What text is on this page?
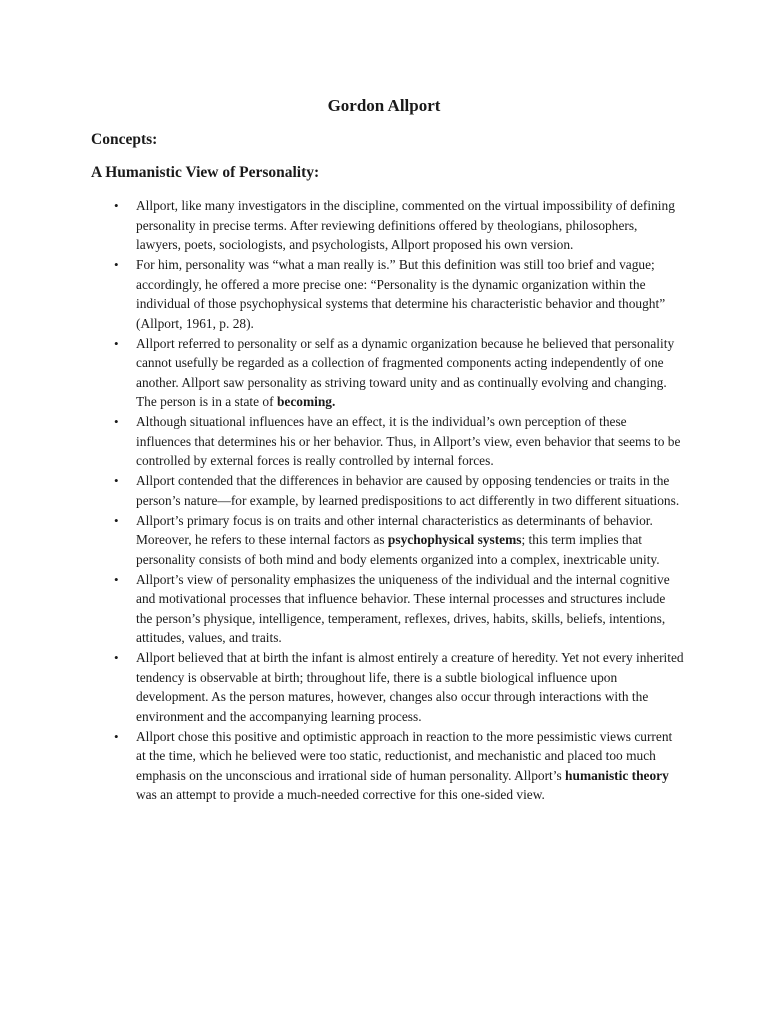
Gordon Allport
Concepts:
A Humanistic View of Personality:
• Allport, like many investigators in the discipline, commented on the virtual impossibility of defining personality in precise terms. After reviewing definitions offered by theologians, philosophers, lawyers, poets, sociologists, and psychologists, Allport proposed his own version.
• For him, personality was “what a man really is.” But this definition was still too brief and vague; accordingly, he offered a more precise one: “Personality is the dynamic organization within the individual of those psychophysical systems that determine his characteristic behavior and thought” (Allport, 1961, p. 28).
• Allport referred to personality or self as a dynamic organization because he believed that personality cannot usefully be regarded as a collection of fragmented components acting independently of one another. Allport saw personality as striving toward unity and as continually evolving and changing. The person is in a state of becoming.
• Although situational influences have an effect, it is the individual’s own perception of these influences that determines his or her behavior. Thus, in Allport’s view, even behavior that seems to be controlled by external forces is really controlled by internal forces.
• Allport contended that the differences in behavior are caused by opposing tendencies or traits in the person’s nature—for example, by learned predispositions to act differently in two different situations.
• Allport’s primary focus is on traits and other internal characteristics as determinants of behavior. Moreover, he refers to these internal factors as psychophysical systems; this term implies that personality consists of both mind and body elements organized into a complex, inextricable unity.
• Allport’s view of personality emphasizes the uniqueness of the individual and the internal cognitive and motivational processes that influence behavior. These internal processes and structures include the person’s physique, intelligence, temperament, reflexes, drives, habits, skills, beliefs, intentions, attitudes, values, and traits.
• Allport believed that at birth the infant is almost entirely a creature of heredity. Yet not every inherited tendency is observable at birth; throughout life, there is a subtle biological influence upon development. As the person matures, however, changes also occur through interactions with the environment and the accompanying learning process.
• Allport chose this positive and optimistic approach in reaction to the more pessimistic views current at the time, which he believed were too static, reductionist, and mechanistic and placed too much emphasis on the unconscious and irrational side of human personality. Allport’s humanistic theory was an attempt to provide a much-needed corrective for this one-sided view.
